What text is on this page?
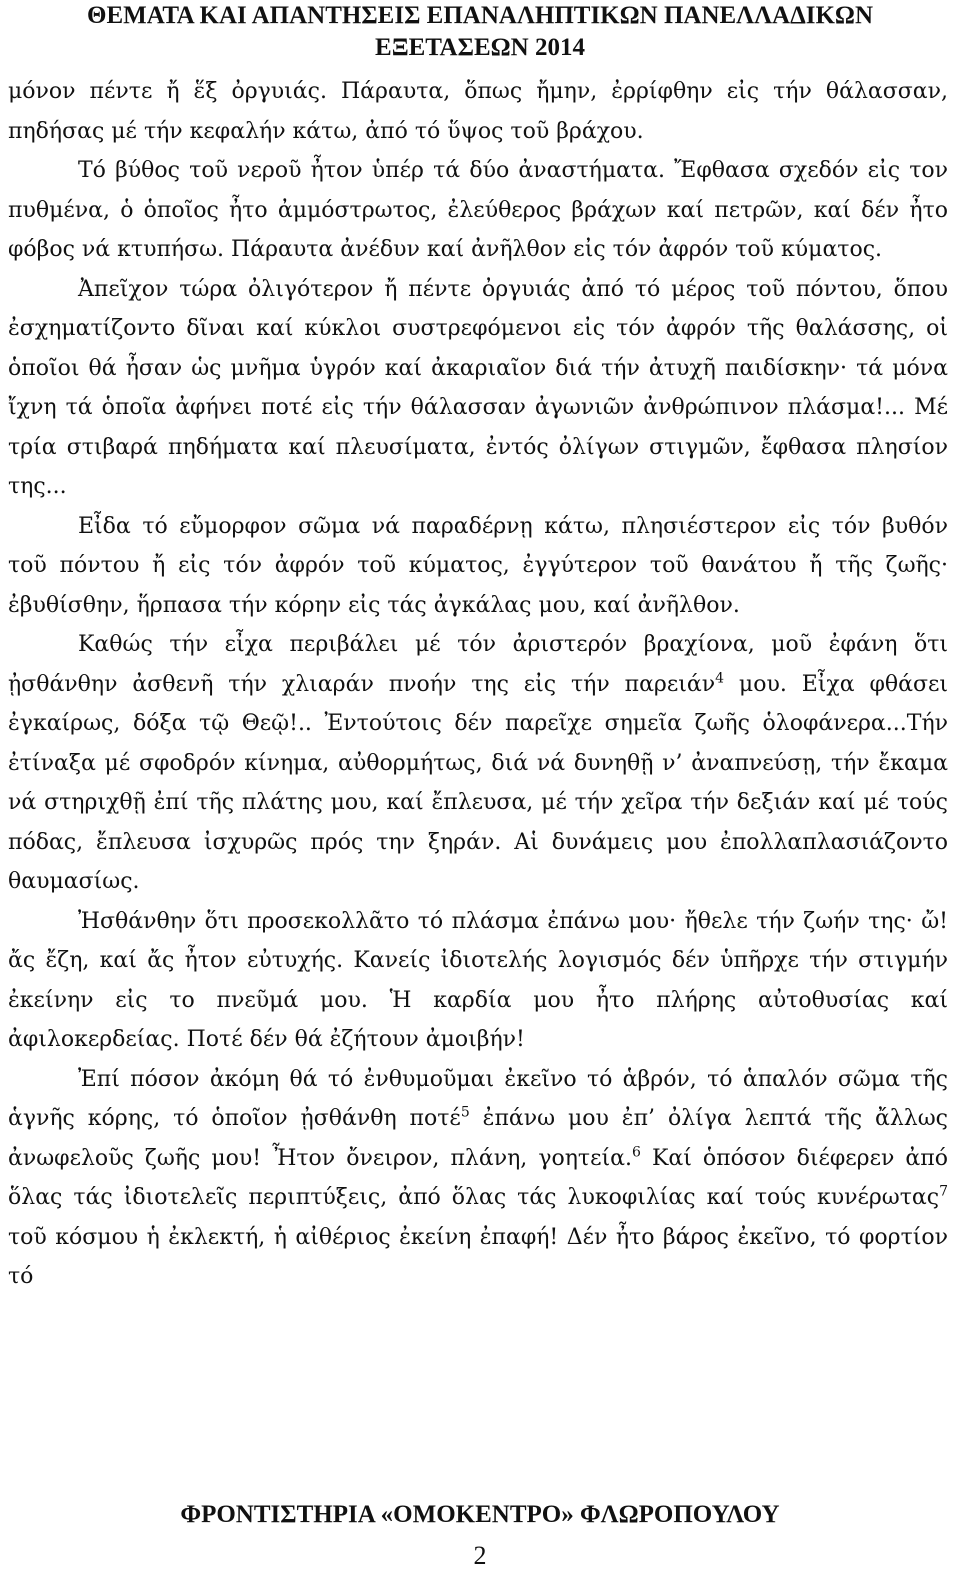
ΘΕΜΑΤΑ ΚΑΙ ΑΠΑΝΤΗΣΕΙΣ ΕΠΑΝΑΛΗΠΤΙΚΩΝ ΠΑΝΕΛΛΑΔΙΚΩΝ
ΕΞΕΤΑΣΕΩΝ 2014

μόνον πέντε ἤ ἕξ ὀργυιάς. Πάραυτα, ὅπως ἤμην, ἐρρίφθην εἰς τήν θάλασσαν, πηδήσας μέ τήν κεφαλήν κάτω, ἀπό τό ὕψος τοῦ βράχου.

Τό βύθος τοῦ νεροῦ ἦτον ὑπέρ τά δύο ἀναστήματα. Ἔφθασα σχεδόν εἰς τον πυθμένα, ὁ ὁποῖος ἦτο ἀμμόστρωτος, ἐλεύθερος βράχων καί πετρῶν, καί δέν ἦτο φόβος νά κτυπήσω. Πάραυτα ἀνέδυν καί ἀνῆλθον εἰς τόν ἀφρόν τοῦ κύματος.

Ἀπεῖχον τώρα ὀλιγότερον ἤ πέντε ὀργυιάς ἀπό τό μέρος τοῦ πόντου, ὅπου ἐσχηματίζοντο δῖναι καί κύκλοι συστρεφόμενοι εἰς τόν ἀφρόν τῆς θαλάσσης, οἱ ὁποῖοι θά ἦσαν ὡς μνῆμα ὑγρόν καί ἀκαριαῖον διά τήν ἀτυχῆ παιδίσκην· τά μόνα ἴχνη τά ὁποῖα ἀφήνει ποτέ εἰς τήν θάλασσαν ἀγωνιῶν ἀνθρώπινον πλάσμα!... Μέ τρία στιβαρά πηδήματα καί πλευσίματα, ἐντός ὀλίγων στιγμῶν, ἔφθασα πλησίον της...

Εἶδα τό εὔμορφον σῶμα νά παραδέρνῃ κάτω, πλησιέστερον εἰς τόν βυθόν τοῦ πόντου ἤ εἰς τόν ἀφρόν τοῦ κύματος, ἐγγύτερον τοῦ θανάτου ἤ τῆς ζωῆς· ἐβυθίσθην, ἥρπασα τήν κόρην εἰς τάς ἀγκάλας μου, καί ἀνῆλθον.

Καθώς τήν εἶχα περιβάλει μέ τόν ἀριστερόν βραχίονα, μοῦ ἐφάνη ὅτι ᾐσθάνθην ἀσθενῆ τήν χλιαράν πνοήν της εἰς τήν παρειάν$^4$ μου. Εἶχα φθάσει ἐγκαίρως, δόξα τῷ Θεῷ!.. Ἐντούτοις δέν παρεῖχε σημεῖα ζωῆς ὁλοφάνερα...Τήν ἐτίναξα μέ σφοδρόν κίνημα, αὐθορμήτως, διά νά δυνηθῇ ν’ ἀναπνεύσῃ, τήν ἔκαμα νά στηριχθῇ ἐπί τῆς πλάτης μου, καί ἔπλευσα, μέ τήν χεῖρα τήν δεξιάν καί μέ τούς πόδας, ἔπλευσα ἰσχυρῶς πρός την ξηράν. Αἱ δυνάμεις μου ἐπολλαπλασιάζοντο θαυμασίως.

Ἠσθάνθην ὅτι προσεκολλᾶτο τό πλάσμα ἐπάνω μου· ἤθελε τήν ζωήν της· ὤ! ἄς ἔζη, καί ἄς ἦτον εὐτυχής. Κανείς ἰδιοτελής λογισμός δέν ὑπῆρχε τήν στιγμήν ἐκείνην εἰς το πνεῦμά μου. Ἡ καρδία μου ἦτο πλήρης αὐτοθυσίας καί ἀφιλοκερδείας. Ποτέ δέν θά ἐζήτουν ἀμοιβήν!

Ἐπί πόσον ἀκόμη θά τό ἐνθυμοῦμαι ἐκεῖνο τό ἁβρόν, τό ἁπαλόν σῶμα τῆς ἁγνῆς κόρης, τό ὁποῖον ᾐσθάνθη ποτέ$^5$ ἐπάνω μου ἐπ’ ὀλίγα λεπτά τῆς ἄλλως ἀνωφελοῦς ζωῆς μου! Ἦτον ὄνειρον, πλάνη, γοητεία.$^6$ Καί ὁπόσον διέφερεν ἀπό ὅλας τάς ἰδιοτελεῖς περιπτύξεις, ἀπό ὅλας τάς λυκοφιλίας καί τούς κυνέρωτας$^7$ τοῦ κόσμου ἡ ἐκλεκτή, ἡ αἰθέριος ἐκείνη ἐπαφή! Δέν ἦτο βάρος ἐκεῖνο, τό φορτίον τό

ΦΡΟΝΤΙΣΤΗΡΙΑ «ΟΜΟΚΕΝΤΡΟ» ΦΛΩΡΟΠΟΥΛΟΥ
2
